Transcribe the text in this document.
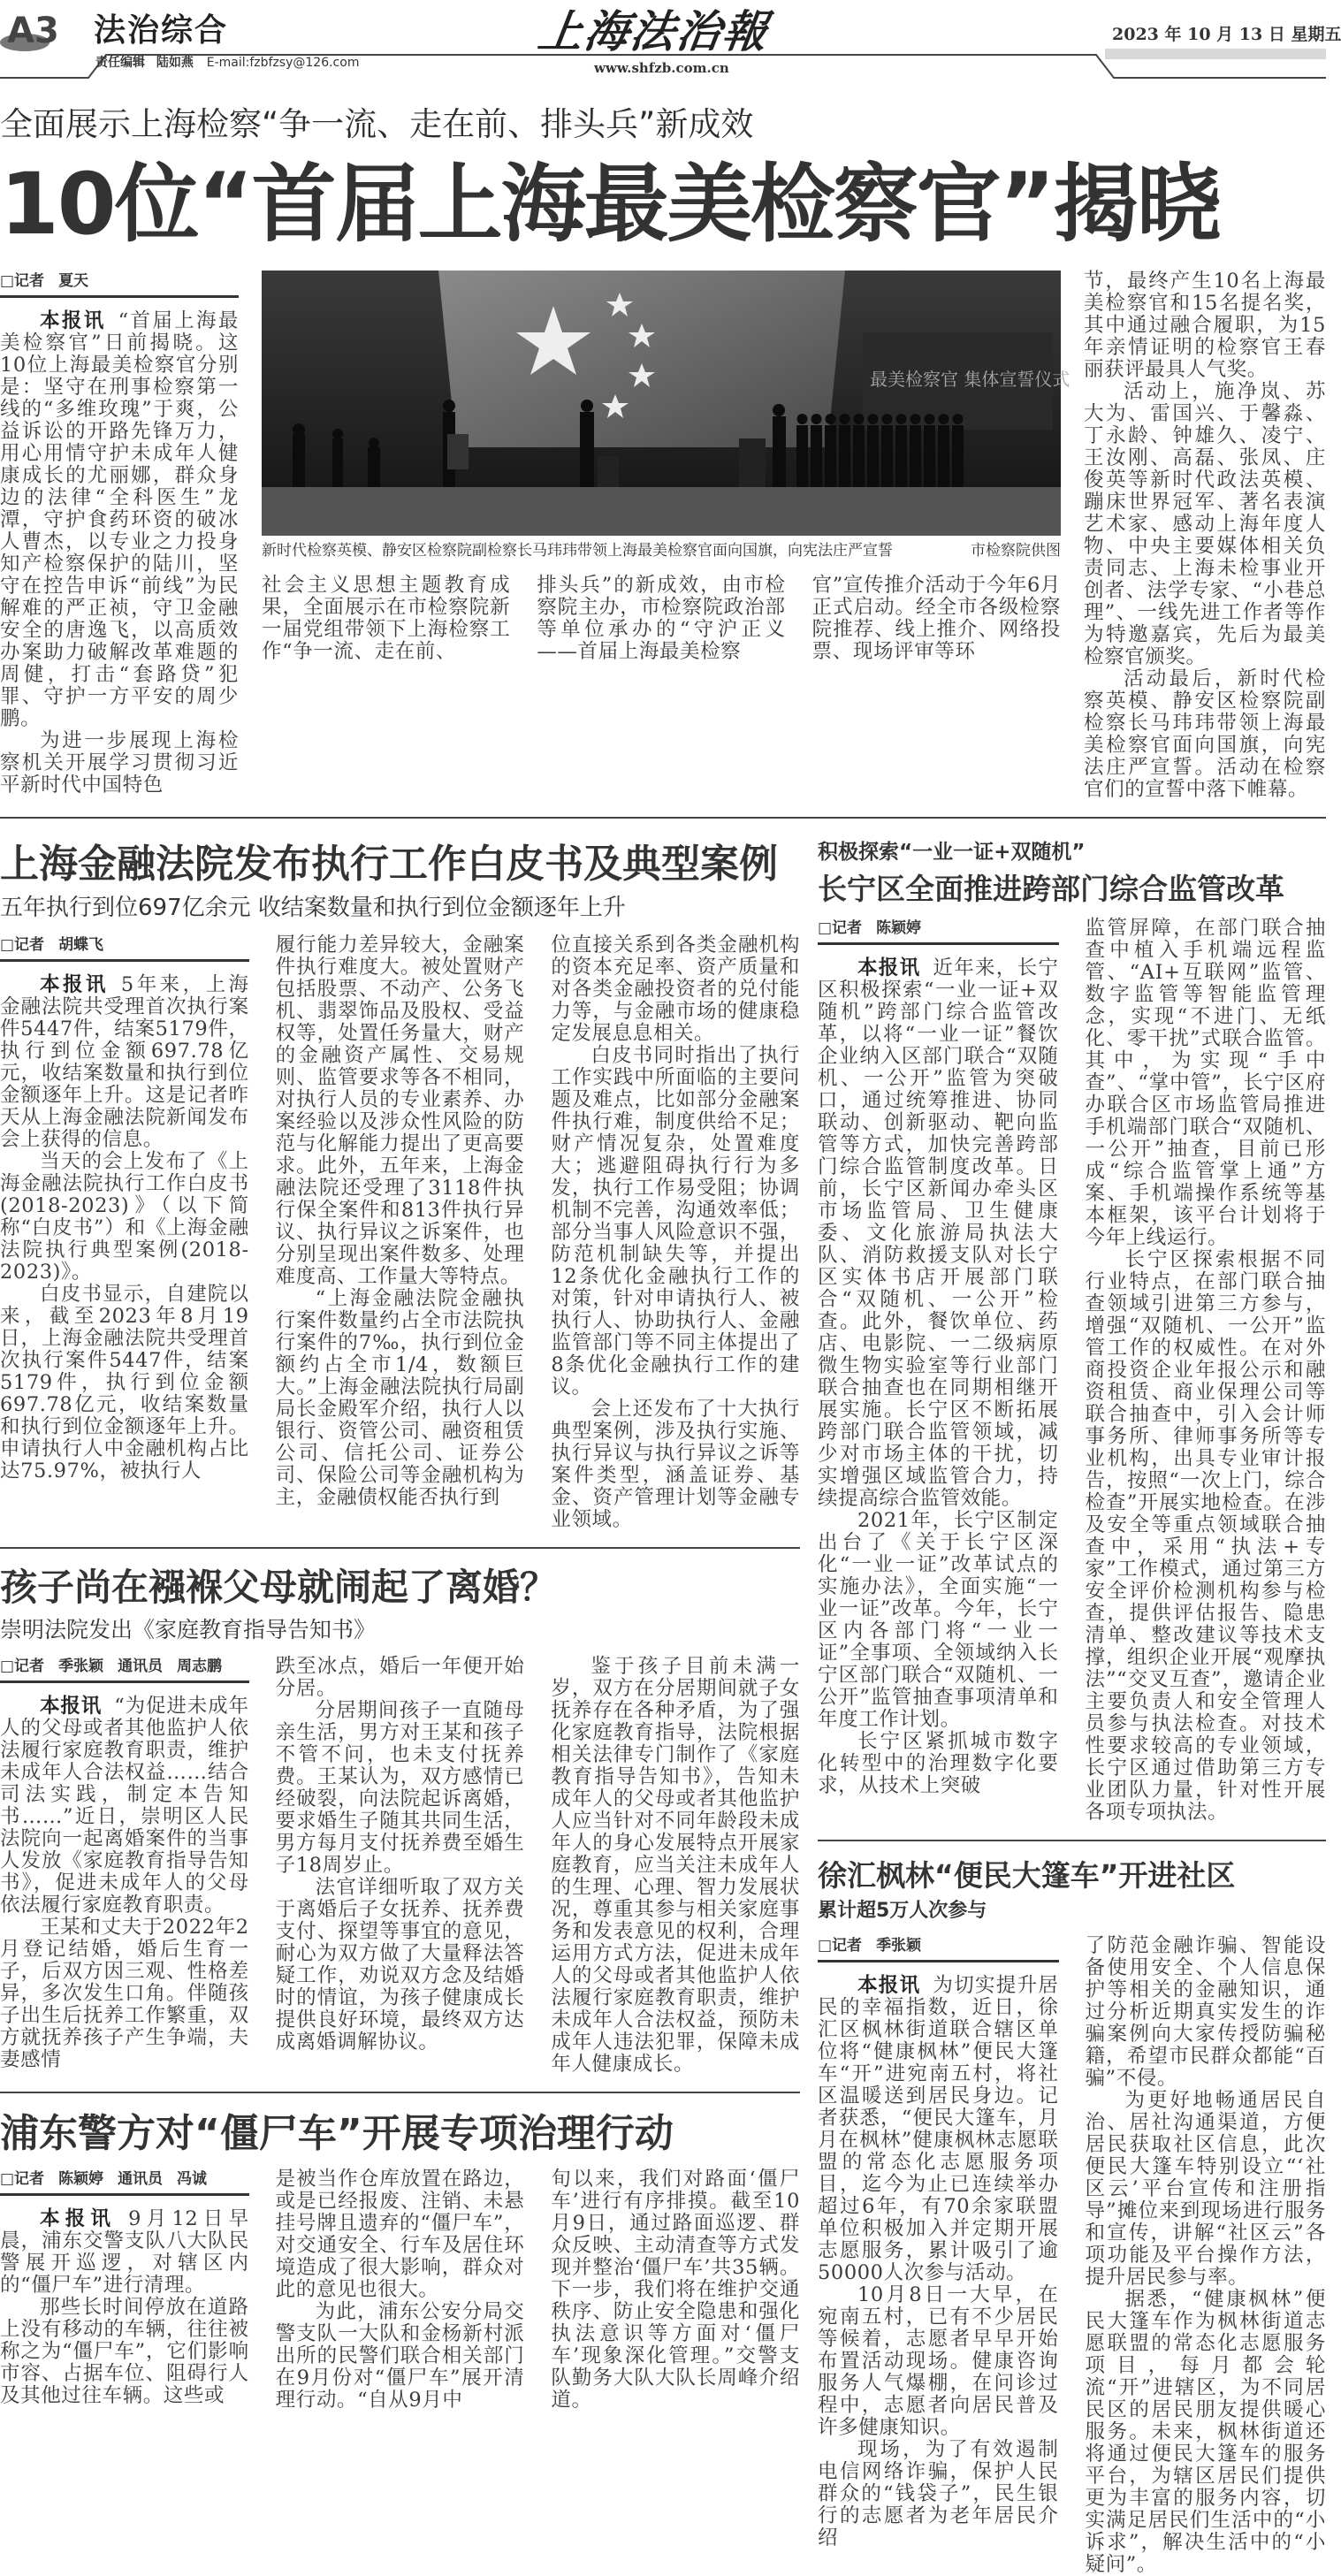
A3 法治综合	上海法治報	2023 年 10 月 13 日 星期五
责任编辑 陆如燕 E-mail:fzbfzsy@126.com	www.shfzb.com.cn
全面展示上海检察“争一流、走在前、排头兵”新成效
10位“首届上海最美检察官”揭晓
□记者 夏天

本报讯 “首届上海最美检察官”日前揭晓。这10位上海最美检察官分别是：坚守在刑事检察第一线的“多维玫瑰”于爽，公益诉讼的开路先锋万力，用心用情守护未成年人健康成长的尤丽娜，群众身边的法律“全科医生”龙潭，守护食药环资的破冰人曹杰，以专业之力投身知产检察保护的陆川，坚守在控告申诉“前线”为民解难的严正祯，守卫金融安全的唐逸飞，以高质效办案助力破解改革难题的周健，打击“套路贷”犯罪、守护一方平安的周少鹏。

为进一步展现上海检察机关开展学习贯彻习近平新时代中国特色

最美检察官 集体宣誓仪式
新时代检察英模、静安区检察院副检察长马玮玮带领上海最美检察官面向国旗，向宪法庄严宣誓	市检察院供图

社会主义思想主题教育成果，全面展示在市检察院新一届党组带领下上海检察工作“争一流、走在前、

排头兵”的新成效，由市检察院主办，市检察院政治部等单位承办的“守沪正义——首届上海最美检察

官”宣传推介活动于今年6月正式启动。经全市各级检察院推荐、线上推介、网络投票、现场评审等环

节，最终产生10名上海最美检察官和15名提名奖，其中通过融合履职，为15年亲情证明的检察官王春丽获评最具人气奖。

活动上，施净岚、苏大为、雷国兴、于馨淼、丁永龄、钟雄久、凌宁、王汝刚、高磊、张凤、庄俊英等新时代政法英模、蹦床世界冠军、著名表演艺术家、感动上海年度人物、中央主要媒体相关负责同志、上海未检事业开创者、法学专家、“小巷总理”、一线先进工作者等作为特邀嘉宾，先后为最美检察官颁奖。

活动最后，新时代检察英模、静安区检察院副检察长马玮玮带领上海最美检察官面向国旗，向宪法庄严宣誓。活动在检察官们的宣誓中落下帷幕。

上海金融法院发布执行工作白皮书及典型案例
五年执行到位697亿余元 收结案数量和执行到位金额逐年上升
□记者 胡蝶飞

本报讯 5年来，上海金融法院共受理首次执行案件5447件，结案5179件，执行到位金额697.78亿元，收结案数量和执行到位金额逐年上升。这是记者昨天从上海金融法院新闻发布会上获得的信息。

当天的会上发布了《上海金融法院执行工作白皮书(2018-2023)》（以下简称“白皮书”）和《上海金融法院执行典型案例(2018-2023)》。

白皮书显示，自建院以来，截至2023年8月19日，上海金融法院共受理首次执行案件5447件，结案5179件，执行到位金额697.78亿元，收结案数量和执行到位金额逐年上升。申请执行人中金融机构占比达75.97%，被执行人

履行能力差异较大，金融案件执行难度大。被处置财产包括股票、不动产、公务飞机、翡翠饰品及股权、受益权等，处置任务量大，财产的金融资产属性、交易规则、监管要求等各不相同，对执行人员的专业素养、办案经验以及涉众性风险的防范与化解能力提出了更高要求。此外，五年来，上海金融法院还受理了3118件执行保全案件和813件执行异议、执行异议之诉案件，也分别呈现出案件数多、处理难度高、工作量大等特点。

“上海金融法院金融执行案件数量约占全市法院执行案件的7‰，执行到位金额约占全市1/4，数额巨大。”上海金融法院执行局副局长金殿军介绍，执行人以银行、资管公司、融资租赁公司、信托公司、证券公司、保险公司等金融机构为主，金融债权能否执行到

位直接关系到各类金融机构的资本充足率、资产质量和对各类金融投资者的兑付能力等，与金融市场的健康稳定发展息息相关。

白皮书同时指出了执行工作实践中所面临的主要问题及难点，比如部分金融案件执行难，制度供给不足；财产情况复杂，处置难度大；逃避阻碍执行行为多发，执行工作易受阻；协调机制不完善，沟通效率低；部分当事人风险意识不强，防范机制缺失等，并提出12条优化金融执行工作的对策，针对申请执行人、被执行人、协助执行人、金融监管部门等不同主体提出了8条优化金融执行工作的建议。

会上还发布了十大执行典型案例，涉及执行实施、执行异议与执行异议之诉等案件类型，涵盖证券、基金、资产管理计划等金融专业领域。

孩子尚在襁褓父母就闹起了离婚？
崇明法院发出《家庭教育指导告知书》
□记者 季张颖 通讯员 周志鹏

本报讯 “为促进未成年人的父母或者其他监护人依法履行家庭教育职责，维护未成年人合法权益……结合司法实践，制定本告知书……”近日，崇明区人民法院向一起离婚案件的当事人发放《家庭教育指导告知书》，促进未成年人的父母依法履行家庭教育职责。

王某和丈夫于2022年2月登记结婚，婚后生育一子，后双方因三观、性格差异，多次发生口角。伴随孩子出生后抚养工作繁重，双方就抚养孩子产生争端，夫妻感情

跌至冰点，婚后一年便开始分居。

分居期间孩子一直随母亲生活，男方对王某和孩子不管不问，也未支付抚养费。王某认为，双方感情已经破裂，向法院起诉离婚，要求婚生子随其共同生活，男方每月支付抚养费至婚生子18周岁止。

法官详细听取了双方关于离婚后子女抚养、抚养费支付、探望等事宜的意见，耐心为双方做了大量释法答疑工作，劝说双方念及结婚时的情谊，为孩子健康成长提供良好环境，最终双方达成离婚调解协议。

鉴于孩子目前未满一岁，双方在分居期间就子女抚养存在各种矛盾，为了强化家庭教育指导，法院根据相关法律专门制作了《家庭教育指导告知书》，告知未成年人的父母或者其他监护人应当针对不同年龄段未成年人的身心发展特点开展家庭教育，应当关注未成年人的生理、心理、智力发展状况，尊重其参与相关家庭事务和发表意见的权利，合理运用方式方法，促进未成年人的父母或者其他监护人依法履行家庭教育职责，维护未成年人合法权益，预防未成年人违法犯罪，保障未成年人健康成长。

浦东警方对“僵尸车”开展专项治理行动
□记者 陈颖婷 通讯员 冯诚

本报讯 9月12日早晨，浦东交警支队八大队民警展开巡逻，对辖区内的“僵尸车”进行清理。

那些长时间停放在道路上没有移动的车辆，往往被称之为“僵尸车”，它们影响市容、占据车位、阻碍行人及其他过往车辆。这些或

是被当作仓库放置在路边，或是已经报废、注销、未悬挂号牌且遗弃的“僵尸车”，对交通安全、行车及居住环境造成了很大影响，群众对此的意见也很大。

为此，浦东公安分局交警支队一大队和金杨新村派出所的民警们联合相关部门在9月份对“僵尸车”展开清理行动。“自从9月中

旬以来，我们对路面‘僵尸车’进行有序排摸。截至10月9日，通过路面巡逻、群众反映、主动清查等方式发现并整治‘僵尸车’共35辆。下一步，我们将在维护交通秩序、防止安全隐患和强化执法意识等方面对‘僵尸车’现象深化管理。”交警支队勤务大队大队长周峰介绍道。

积极探索“一业一证+双随机”
长宁区全面推进跨部门综合监管改革
□记者 陈颖婷

本报讯 近年来，长宁区积极探索“一业一证+双随机”跨部门综合监管改革，以将“一业一证”餐饮企业纳入区部门联合“双随机、一公开”监管为突破口，通过统筹推进、协同联动、创新驱动、靶向监管等方式，加快完善跨部门综合监管制度改革。日前，长宁区新闻办牵头区市场监管局、卫生健康委、文化旅游局执法大队、消防救援支队对长宁区实体书店开展部门联合“双随机、一公开”检查。此外，餐饮单位、药店、电影院、一二级病原微生物实验室等行业部门联合抽查也在同期相继开展实施。长宁区不断拓展跨部门联合监管领域，减少对市场主体的干扰，切实增强区域监管合力，持续提高综合监管效能。

2021年，长宁区制定出台了《关于长宁区深化“一业一证”改革试点的实施办法》，全面实施“一业一证”改革。今年，长宁区内各部门将“一业一证”全事项、全领域纳入长宁区部门联合“双随机、一公开”监管抽查事项清单和年度工作计划。

长宁区紧抓城市数字化转型中的治理数字化要求，从技术上突破

监管屏障，在部门联合抽查中植入手机端远程监管、“AI+互联网”监管、数字监管等智能监管理念，实现“不进门、无纸化、零干扰”式联合监管。其中，为实现“手中查”、“掌中管”，长宁区府办联合区市场监管局推进手机端部门联合“双随机、一公开”抽查，目前已形成“综合监管掌上通”方案、手机端操作系统等基本框架，该平台计划将于今年上线运行。

长宁区探索根据不同行业特点，在部门联合抽查领域引进第三方参与，增强“双随机、一公开”监管工作的权威性。在对外商投资企业年报公示和融资租赁、商业保理公司等联合抽查中，引入会计师事务所、律师事务所等专业机构，出具专业审计报告，按照“一次上门，综合检查”开展实地检查。在涉及安全等重点领域联合抽查中，采用“执法+专家”工作模式，通过第三方安全评价检测机构参与检查，提供评估报告、隐患清单、整改建议等技术支撑，组织企业开展“观摩执法”“交叉互查”，邀请企业主要负责人和安全管理人员参与执法检查。对技术性要求较高的专业领域，长宁区通过借助第三方专业团队力量，针对性开展各项专项执法。

徐汇枫林“便民大篷车”开进社区
累计超5万人次参与
□记者 季张颖

本报讯 为切实提升居民的幸福指数，近日，徐汇区枫林街道联合辖区单位将“健康枫林”便民大篷车“开”进宛南五村，将社区温暖送到居民身边。记者获悉，“便民大篷车，月月在枫林”健康枫林志愿联盟的常态化志愿服务项目，迄今为止已连续举办超过6年，有70余家联盟单位积极加入并定期开展志愿服务，累计吸引了逾50000人次参与活动。

10月8日一大早，在宛南五村，已有不少居民等候着，志愿者早早开始布置活动现场。健康咨询服务人气爆棚，在问诊过程中，志愿者向居民普及许多健康知识。

现场，为了有效遏制电信网络诈骗，保护人民群众的“钱袋子”，民生银行的志愿者为老年居民介绍

了防范金融诈骗、智能设备使用安全、个人信息保护等相关的金融知识，通过分析近期真实发生的诈骗案例向大家传授防骗秘籍，希望市民群众都能“百骗”不侵。

为更好地畅通居民自治、居社沟通渠道，方便居民获取社区信息，此次便民大篷车特别设立“‘社区云’平台宣传和注册指导”摊位来到现场进行服务和宣传，讲解“社区云”各项功能及平台操作方法，提升居民参与率。

据悉，“健康枫林”便民大篷车作为枫林街道志愿联盟的常态化志愿服务项目，每月都会轮流“开”进辖区，为不同居民区的居民朋友提供暖心服务。未来，枫林街道还将通过便民大篷车的服务平台，为辖区居民们提供更为丰富的服务内容，切实满足居民们生活中的“小诉求”，解决生活中的“小疑问”。
